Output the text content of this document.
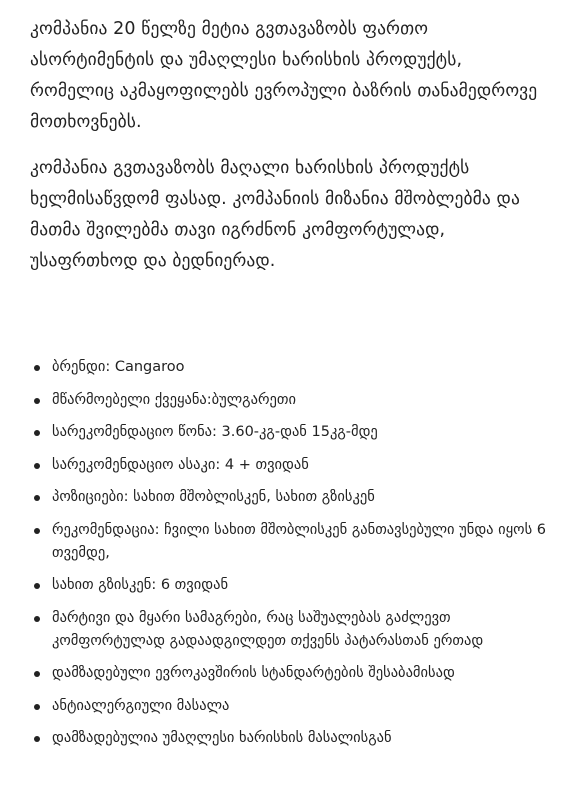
კომპანია 20 წელზე მეტია გვთავაზობს ფართო ასორტიმენტის და უმაღლესი ხარისხის პროდუქტს, რომელიც აკმაყოფილებს ევროპული ბაზრის თანამედროვე მოთხოვნებს.

კომპანია გვთავაზობს მაღალი ხარისხის პროდუქტს ხელმისაწვდომ ფასად. კომპანიის მიზანია მშობლებმა და მათმა შვილებმა თავი იგრძნონ კომფორტულად, უსაფრთხოდ და ბედნიერად.

ბრენდი: Cangaroo
მწარმოებელი ქვეყანა:ბულგარეთი
სარეკომენდაციო წონა: 3.60-კგ-დან 15კგ-მდე
სარეკომენდაციო ასაკი: 4 + თვიდან
პოზიციები: სახით მშობლისკენ, სახით გზისკენ
რეკომენდაცია: ჩვილი სახით მშობლისკენ განთავსებული უნდა იყოს 6 თვემდე,
სახით გზისკენ: 6 თვიდან
მარტივი და მყარი სამაგრები, რაც საშუალებას გაძლევთ კომფორტულად გადაადგილდეთ თქვენს პატარასთან ერთად
დამზადებული ევროკავშირის სტანდარტების შესაბამისად
ანტიალერგიული მასალა
დამზადებულია უმაღლესი ხარისხის მასალისგან
